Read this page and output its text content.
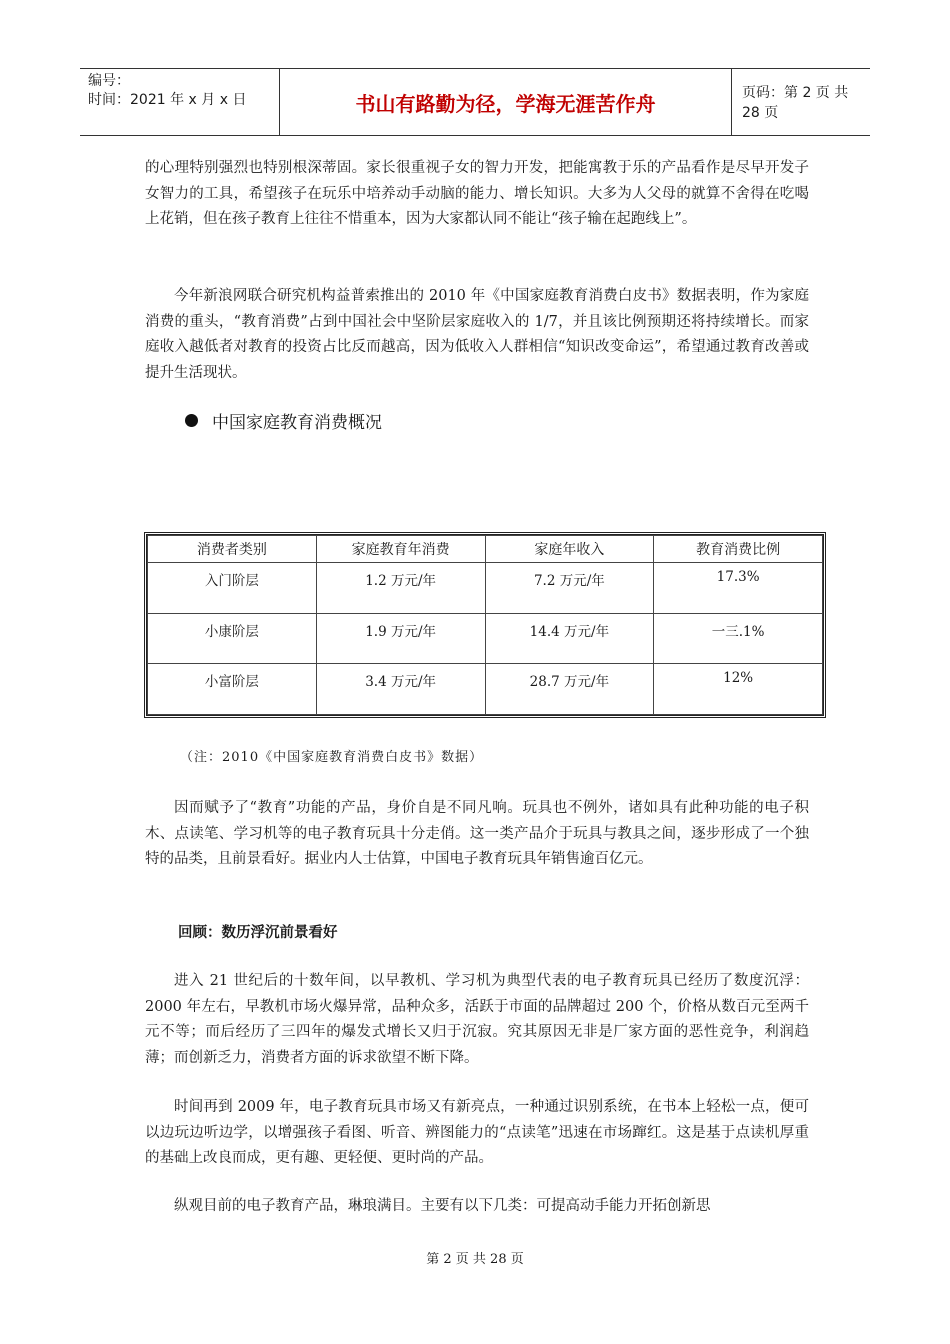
编号：
时间：2021 年 x 月 x 日	书山有路勤为径，学海无涯苦作舟	页码：第 2 页 共 28 页

的心理特别强烈也特别根深蒂固。家长很重视子女的智力开发，把能寓教于乐的产品看作是尽早开发子女智力的工具，希望孩子在玩乐中培养动手动脑的能力、增长知识。大多为人父母的就算不舍得在吃喝上花销，但在孩子教育上往往不惜重本，因为大家都认同不能让“孩子输在起跑线上”。

今年新浪网联合研究机构益普索推出的 2010 年《中国家庭教育消费白皮书》数据表明，作为家庭消费的重头，“教育消费”占到中国社会中坚阶层家庭收入的 1/7，并且该比例预期还将持续增长。而家庭收入越低者对教育的投资占比反而越高，因为低收入人群相信“知识改变命运”，希望通过教育改善或提升生活现状。

中国家庭教育消费概况
消费者类别	家庭教育年消费	家庭年收入	教育消费比例
入门阶层	1.2 万元/年	7.2 万元/年	17.3%
小康阶层	1.9 万元/年	14.4 万元/年	一三.1%
小富阶层	3.4 万元/年	28.7 万元/年	12%
（注：2010《中国家庭教育消费白皮书》数据）

因而赋予了“教育”功能的产品，身价自是不同凡响。玩具也不例外，诸如具有此种功能的电子积木、点读笔、学习机等的电子教育玩具十分走俏。这一类产品介于玩具与教具之间，逐步形成了一个独特的品类，且前景看好。据业内人士估算，中国电子教育玩具年销售逾百亿元。

回顾：数历浮沉前景看好

进入 21 世纪后的十数年间，以早教机、学习机为典型代表的电子教育玩具已经历了数度沉浮：2000 年左右，早教机市场火爆异常，品种众多，活跃于市面的品牌超过 200 个，价格从数百元至两千元不等；而后经历了三四年的爆发式增长又归于沉寂。究其原因无非是厂家方面的恶性竞争，利润趋薄；而创新乏力，消费者方面的诉求欲望不断下降。

时间再到 2009 年，电子教育玩具市场又有新亮点，一种通过识别系统，在书本上轻松一点，便可以边玩边听边学，以增强孩子看图、听音、辨图能力的“点读笔”迅速在市场蹿红。这是基于点读机厚重的基础上改良而成，更有趣、更轻便、更时尚的产品。

纵观目前的电子教育产品，琳琅满目。主要有以下几类：可提高动手能力开拓创新思

第 2 页 共 28 页
